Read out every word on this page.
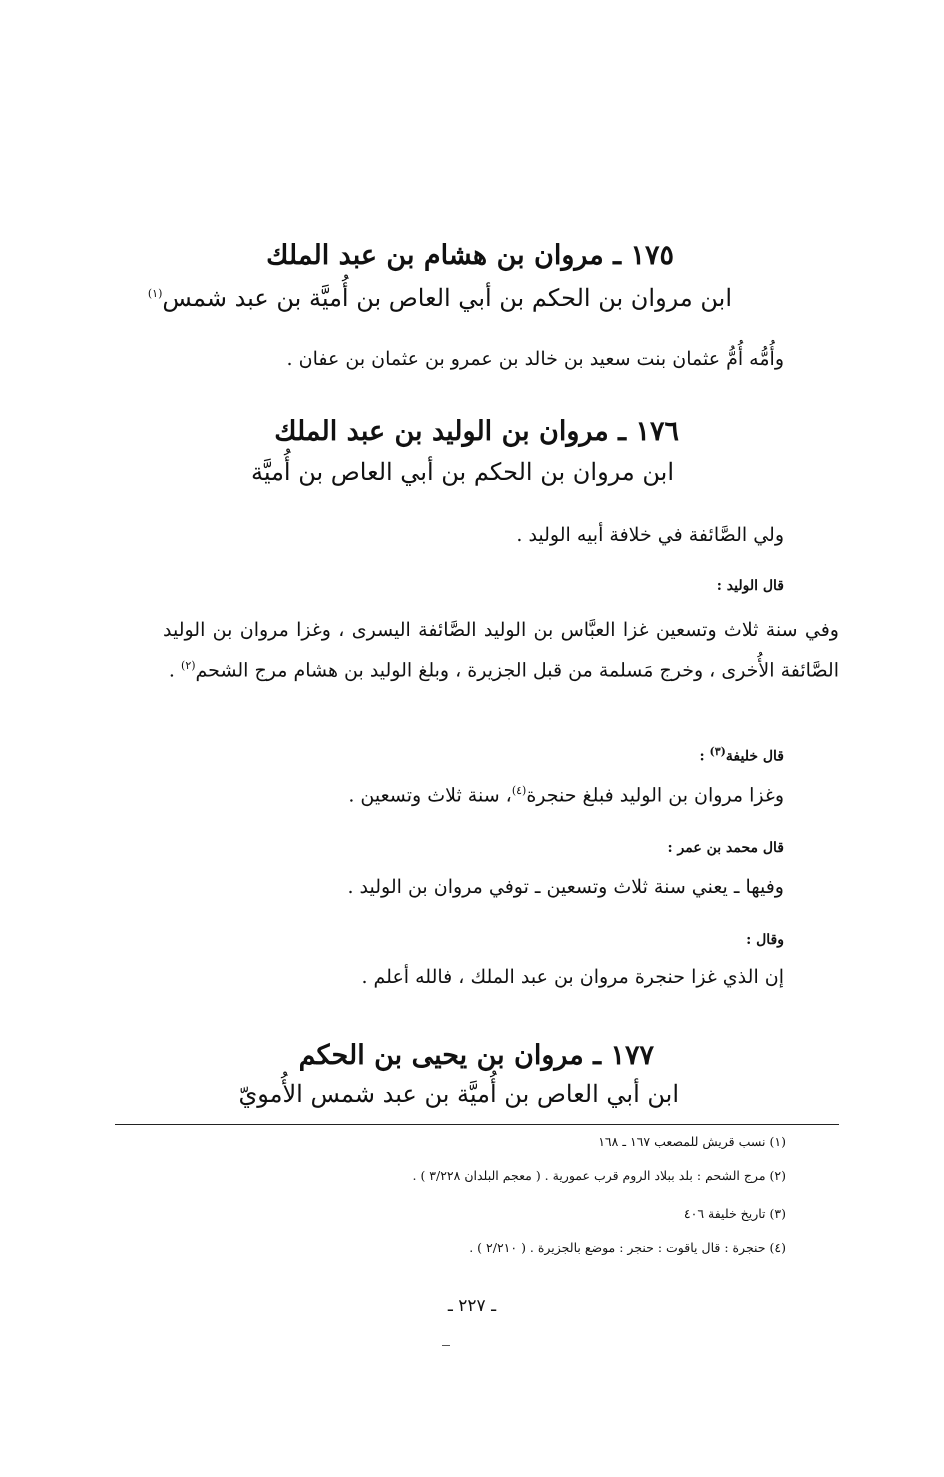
١٧٥ ـ مروان بن هشام بن عبد الملك
ابن مروان بن الحكم بن أبي العاص بن أُميَّة بن عبد شمس$^{(١)}$
وأُمُّه أُمُّ عثمان بنت سعيد بن خالد بن عمرو بن عثمان بن عفان .
١٧٦ ـ مروان بن الوليد بن عبد الملك
ابن مروان بن الحكم بن أبي العاص بن أُميَّة
ولي الصَّائفة في خلافة أبيه الوليد .
قال الوليد :
وفي سنة ثلاث وتسعين غزا العبَّاس بن الوليد الصَّائفة اليسرى ، وغزا مروان بن الوليد الصَّائفة الأُخرى ، وخرج مَسلمة من قبل الجزيرة ، وبلغ الوليد بن هشام مرج الشحم$^{(٢)}$ .
قال خليفة$^{(٣)}$ :
وغزا مروان بن الوليد فبلغ حنجرة$^{(٤)}$، سنة ثلاث وتسعين .
قال محمد بن عمر :
وفيها ـ يعني سنة ثلاث وتسعين ـ توفي مروان بن الوليد .
وقال :
إن الذي غزا حنجرة مروان بن عبد الملك ، فالله أعلم .
١٧٧ ـ مروان بن يحيى بن الحكم
ابن أبي العاص بن أُميَّة بن عبد شمس الأُمويّ
(١) نسب قريش للمصعب ١٦٧ ـ ١٦٨
(٢) مرج الشحم : بلد ببلاد الروم قرب عمورية . ( معجم البلدان ٣/٢٢٨ ) .
(٣) تاريخ خليفة ٤٠٦
(٤) حنجرة : قال ياقوت : حنجر : موضع بالجزيرة . ( ٢/٢١٠ ) .
ـ ٢٢٧ ـ
